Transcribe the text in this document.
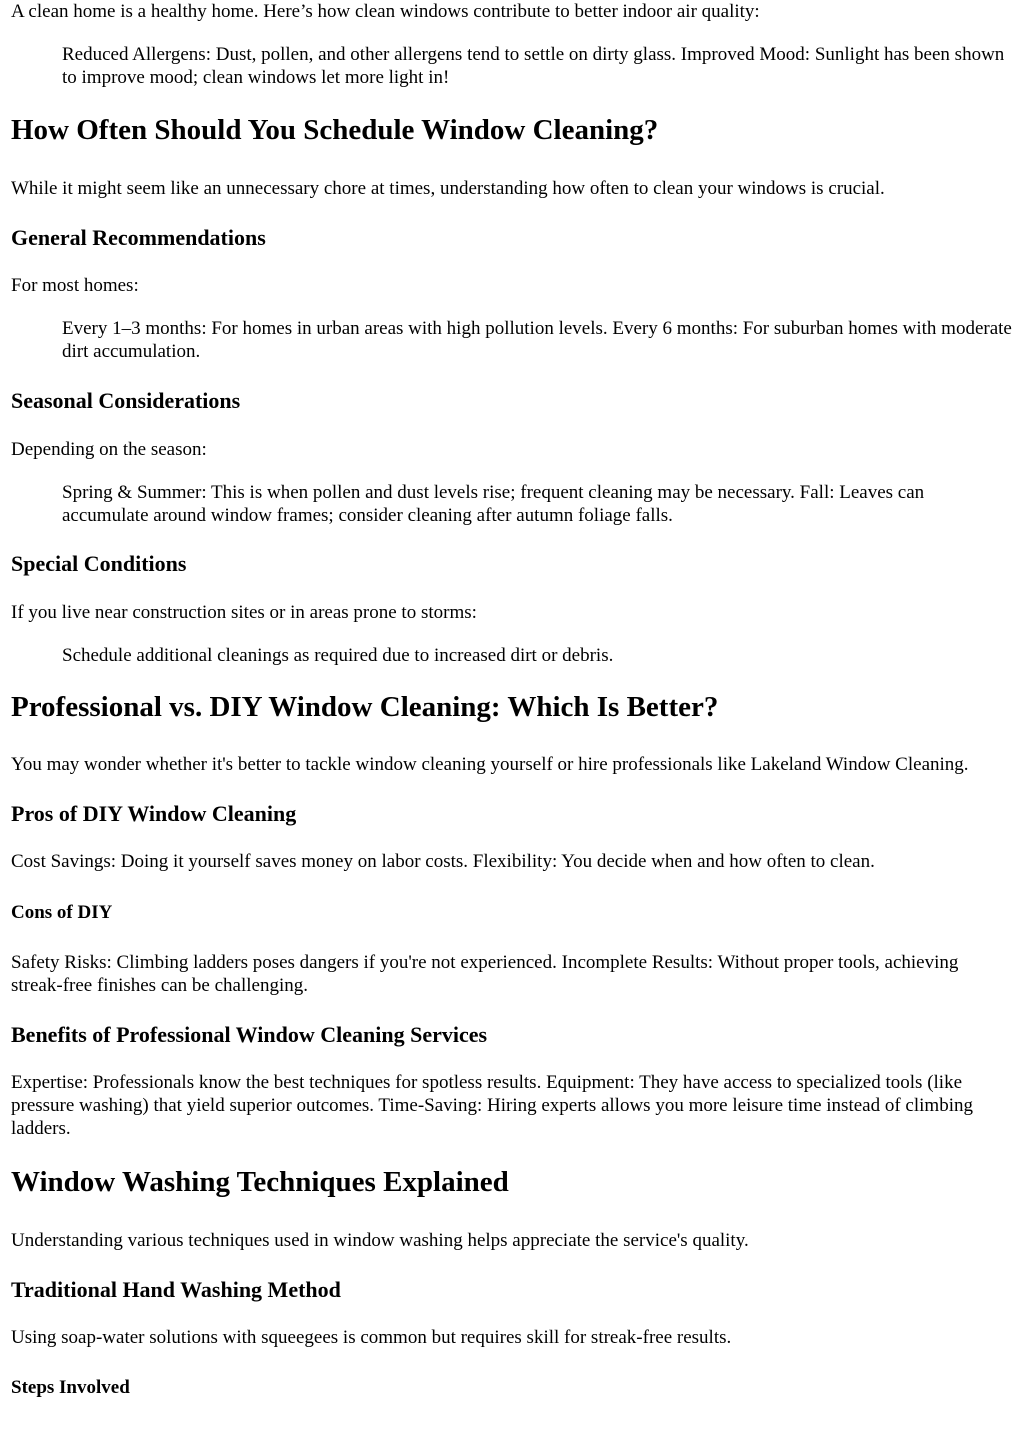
A clean home is a healthy home. Here’s how clean windows contribute to better indoor air quality:

Reduced Allergens: Dust, pollen, and other allergens tend to settle on dirty glass. Improved Mood: Sunlight has been shown to improve mood; clean windows let more light in!
How Often Should You Schedule Window Cleaning?

While it might seem like an unnecessary chore at times, understanding how often to clean your windows is crucial.

General Recommendations

For most homes:

Every 1–3 months: For homes in urban areas with high pollution levels. Every 6 months: For suburban homes with moderate dirt accumulation.
Seasonal Considerations

Depending on the season:

Spring & Summer: This is when pollen and dust levels rise; frequent cleaning may be necessary. Fall: Leaves can accumulate around window frames; consider cleaning after autumn foliage falls.
Special Conditions

If you live near construction sites or in areas prone to storms:

Schedule additional cleanings as required due to increased dirt or debris.
Professional vs. DIY Window Cleaning: Which Is Better?

You may wonder whether it's better to tackle window cleaning yourself or hire professionals like Lakeland Window Cleaning.

Pros of DIY Window Cleaning

Cost Savings: Doing it yourself saves money on labor costs. Flexibility: You decide when and how often to clean.

Cons of DIY

Safety Risks: Climbing ladders poses dangers if you're not experienced. Incomplete Results: Without proper tools, achieving streak-free finishes can be challenging.

Benefits of Professional Window Cleaning Services

Expertise: Professionals know the best techniques for spotless results. Equipment: They have access to specialized tools (like pressure washing) that yield superior outcomes. Time-Saving: Hiring experts allows you more leisure time instead of climbing ladders.

Window Washing Techniques Explained

Understanding various techniques used in window washing helps appreciate the service's quality.

Traditional Hand Washing Method

Using soap-water solutions with squeegees is common but requires skill for streak-free results.

Steps Involved
